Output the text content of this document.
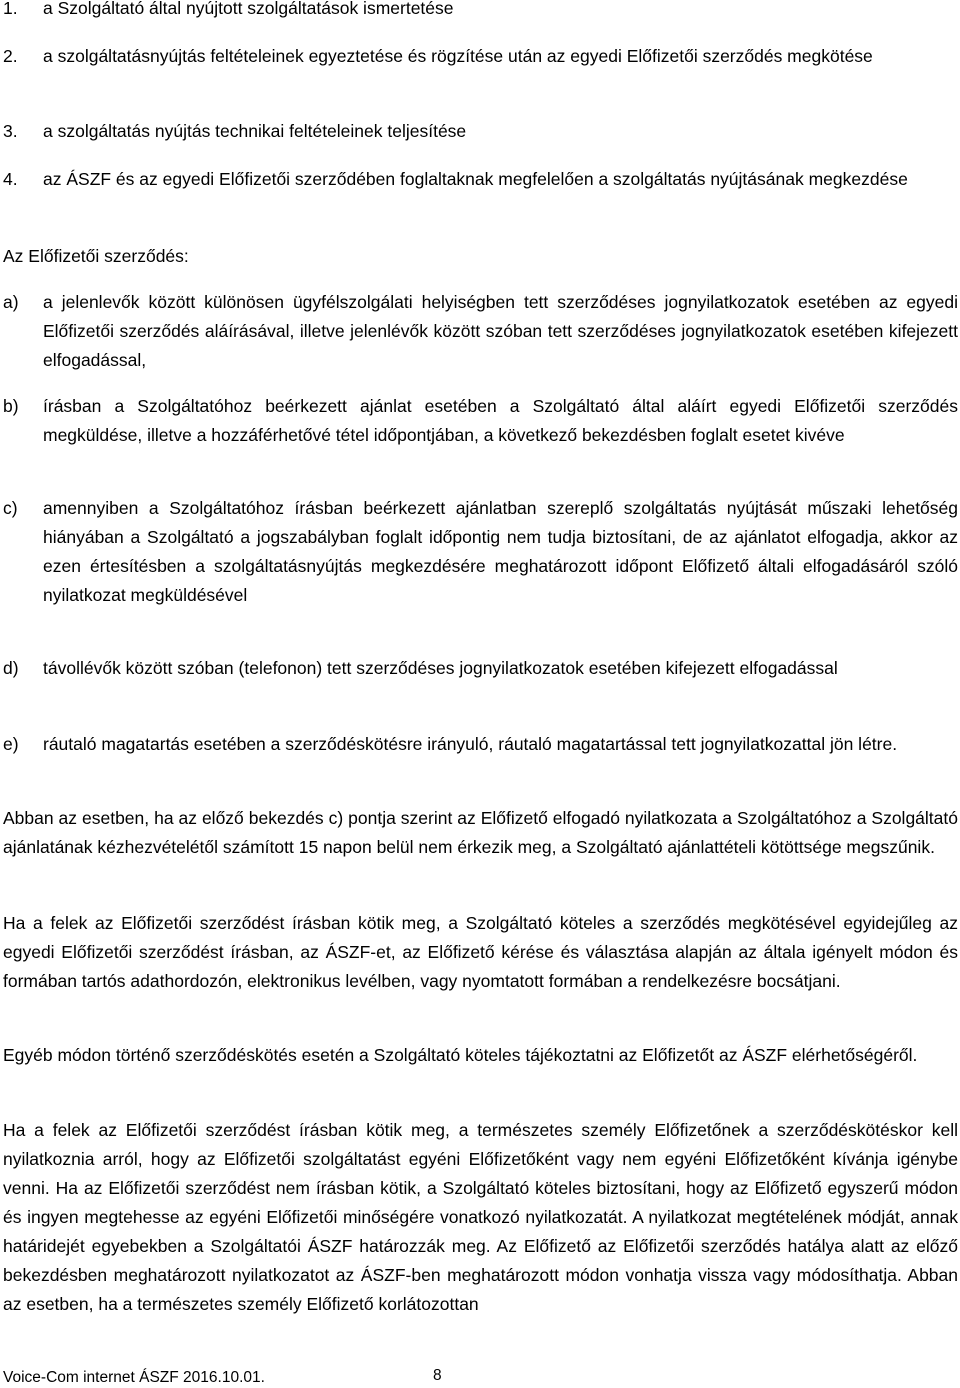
1. a Szolgáltató által nyújtott szolgáltatások ismertetése
2. a szolgáltatásnyújtás feltételeinek egyeztetése és rögzítése után az egyedi Előfizetői szerződés megkötése
3. a szolgáltatás nyújtás technikai feltételeinek teljesítése
4. az ÁSZF és az egyedi Előfizetői szerződében foglaltaknak megfelelően a szolgáltatás nyújtásának megkezdése
Az Előfizetői szerződés:
a) a jelenlevők között különösen ügyfélszolgálati helyiségben tett szerződéses jognyilatkozatok esetében az egyedi Előfizetői szerződés aláírásával, illetve jelenlévők között szóban tett szerződéses jognyilatkozatok esetében kifejezett elfogadással,
b) írásban a Szolgáltatóhoz beérkezett ajánlat esetében a Szolgáltató által aláírt egyedi Előfizetői szerződés megküldése, illetve a hozzáférhetővé tétel időpontjában, a következő bekezdésben foglalt esetet kivéve
c) amennyiben a Szolgáltatóhoz írásban beérkezett ajánlatban szereplő szolgáltatás nyújtását műszaki lehetőség hiányában a Szolgáltató a jogszabályban foglalt időpontig nem tudja biztosítani, de az ajánlatot elfogadja, akkor az ezen értesítésben a szolgáltatásnyújtás megkezdésére meghatározott időpont Előfizető általi elfogadásáról szóló nyilatkozat megküldésével
d) távollévők között szóban (telefonon) tett szerződéses jognyilatkozatok esetében kifejezett elfogadással
e) ráutaló magatartás esetében a szerződéskötésre irányuló, ráutaló magatartással tett jognyilatkozattal jön létre.

Abban az esetben, ha az előző bekezdés c) pontja szerint az Előfizető elfogadó nyilatkozata a Szolgáltatóhoz a Szolgáltató ajánlatának kézhezvételétől számított 15 napon belül nem érkezik meg, a Szolgáltató ajánlattételi kötöttsége megszűnik.

Ha a felek az Előfizetői szerződést írásban kötik meg, a Szolgáltató köteles a szerződés megkötésével egyidejűleg az egyedi Előfizetői szerződést írásban, az ÁSZF-et, az Előfizető kérése és választása alapján az általa igényelt módon és formában tartós adathordozón, elektronikus levélben, vagy nyomtatott formában a rendelkezésre bocsátjani.

Egyéb módon történő szerződéskötés esetén a Szolgáltató köteles tájékoztatni az Előfizetőt az ÁSZF elérhetőségéről.

Ha a felek az Előfizetői szerződést írásban kötik meg, a természetes személy Előfizetőnek a szerződéskötéskor kell nyilatkoznia arról, hogy az Előfizetői szolgáltatást egyéni Előfizetőként vagy nem egyéni Előfizetőként kívánja igénybe venni. Ha az Előfizetői szerződést nem írásban kötik, a Szolgáltató köteles biztosítani, hogy az Előfizető egyszerű módon és ingyen megtehesse az egyéni Előfizetői minőségére vonatkozó nyilatkozatát. A nyilatkozat megtételének módját, annak határidejét egyebekben a Szolgáltatói ÁSZF határozzák meg. Az Előfizető az Előfizetői szerződés hatálya alatt az előző bekezdésben meghatározott nyilatkozatot az ÁSZF-ben meghatározott módon vonhatja vissza vagy módosíthatja. Abban az esetben, ha a természetes személy Előfizető korlátozottan

Voice-Com internet ÁSZF 2016.10.01.	8
